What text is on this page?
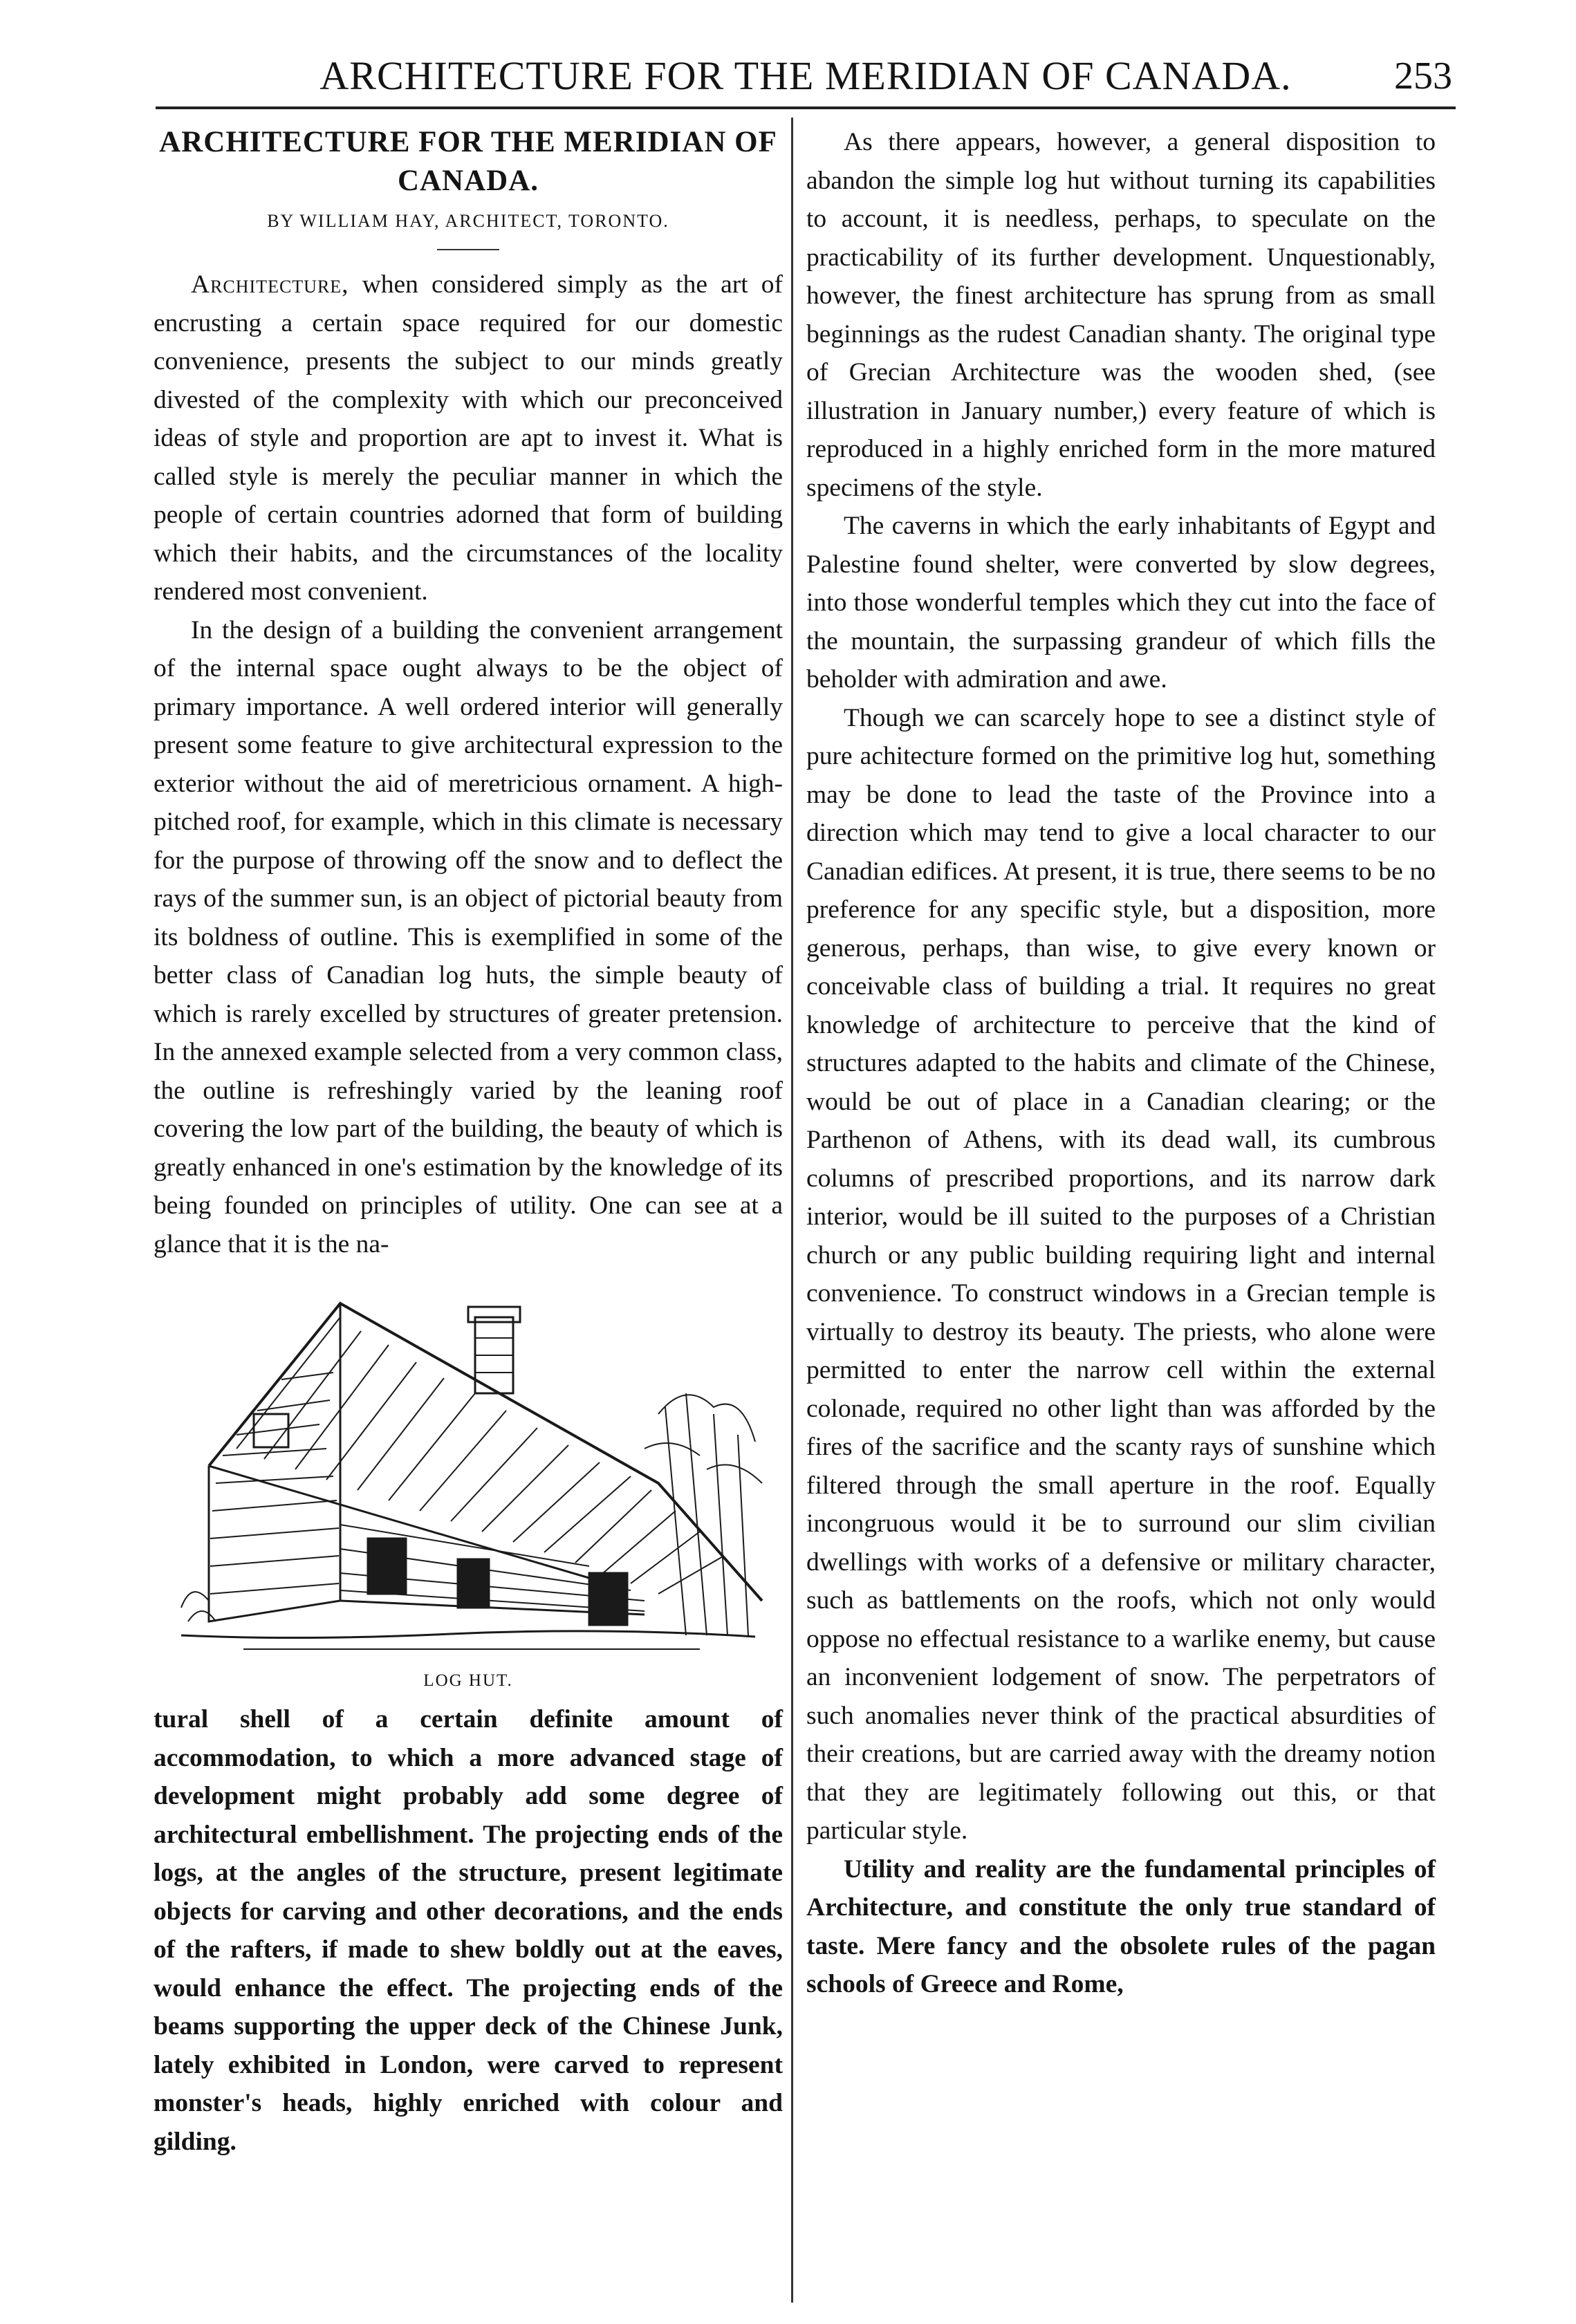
ARCHITECTURE FOR THE MERIDIAN OF CANADA.	253
ARCHITECTURE FOR THE MERIDIAN OF CANADA.
BY WILLIAM HAY, ARCHITECT, TORONTO.

Architecture, when considered simply as the art of encrusting a certain space required for our domestic convenience, presents the subject to our minds greatly divested of the complexity with which our preconceived ideas of style and proportion are apt to invest it. What is called style is merely the peculiar manner in which the people of certain countries adorned that form of building which their habits, and the circumstances of the locality rendered most convenient.

In the design of a building the convenient arrangement of the internal space ought always to be the object of primary importance. A well ordered interior will generally present some feature to give architectural expression to the exterior without the aid of meretricious ornament. A high-pitched roof, for example, which in this climate is necessary for the purpose of throwing off the snow and to deflect the rays of the summer sun, is an object of pictorial beauty from its boldness of outline. This is exemplified in some of the better class of Canadian log huts, the simple beauty of which is rarely excelled by structures of greater pretension. In the annexed example selected from a very common class, the outline is refreshingly varied by the leaning roof covering the low part of the building, the beauty of which is greatly enhanced in one's estimation by the knowledge of its being founded on principles of utility. One can see at a glance that it is the na-

LOG HUT.

tural shell of a certain definite amount of accommodation, to which a more advanced stage of development might probably add some degree of architectural embellishment. The projecting ends of the logs, at the angles of the structure, present legitimate objects for carving and other decorations, and the ends of the rafters, if made to shew boldly out at the eaves, would enhance the effect. The projecting ends of the beams supporting the upper deck of the Chinese Junk, lately exhibited in London, were carved to represent monster's heads, highly enriched with colour and gilding.

As there appears, however, a general disposition to abandon the simple log hut without turning its capabilities to account, it is needless, perhaps, to speculate on the practicability of its further development. Unquestionably, however, the finest architecture has sprung from as small beginnings as the rudest Canadian shanty. The original type of Grecian Architecture was the wooden shed, (see illustration in January number,) every feature of which is reproduced in a highly enriched form in the more matured specimens of the style.

The caverns in which the early inhabitants of Egypt and Palestine found shelter, were converted by slow degrees, into those wonderful temples which they cut into the face of the mountain, the surpassing grandeur of which fills the beholder with admiration and awe.

Though we can scarcely hope to see a distinct style of pure achitecture formed on the primitive log hut, something may be done to lead the taste of the Province into a direction which may tend to give a local character to our Canadian edifices. At present, it is true, there seems to be no preference for any specific style, but a disposition, more generous, perhaps, than wise, to give every known or conceivable class of building a trial. It requires no great knowledge of architecture to perceive that the kind of structures adapted to the habits and climate of the Chinese, would be out of place in a Canadian clearing; or the Parthenon of Athens, with its dead wall, its cumbrous columns of prescribed proportions, and its narrow dark interior, would be ill suited to the purposes of a Christian church or any public building requiring light and internal convenience. To construct windows in a Grecian temple is virtually to destroy its beauty. The priests, who alone were permitted to enter the narrow cell within the external colonade, required no other light than was afforded by the fires of the sacrifice and the scanty rays of sunshine which filtered through the small aperture in the roof. Equally incongruous would it be to surround our slim civilian dwellings with works of a defensive or military character, such as battlements on the roofs, which not only would oppose no effectual resistance to a warlike enemy, but cause an inconvenient lodgement of snow. The perpetrators of such anomalies never think of the practical absurdities of their creations, but are carried away with the dreamy notion that they are legitimately following out this, or that particular style.

Utility and reality are the fundamental principles of Architecture, and constitute the only true standard of taste. Mere fancy and the obsolete rules of the pagan schools of Greece and Rome,
